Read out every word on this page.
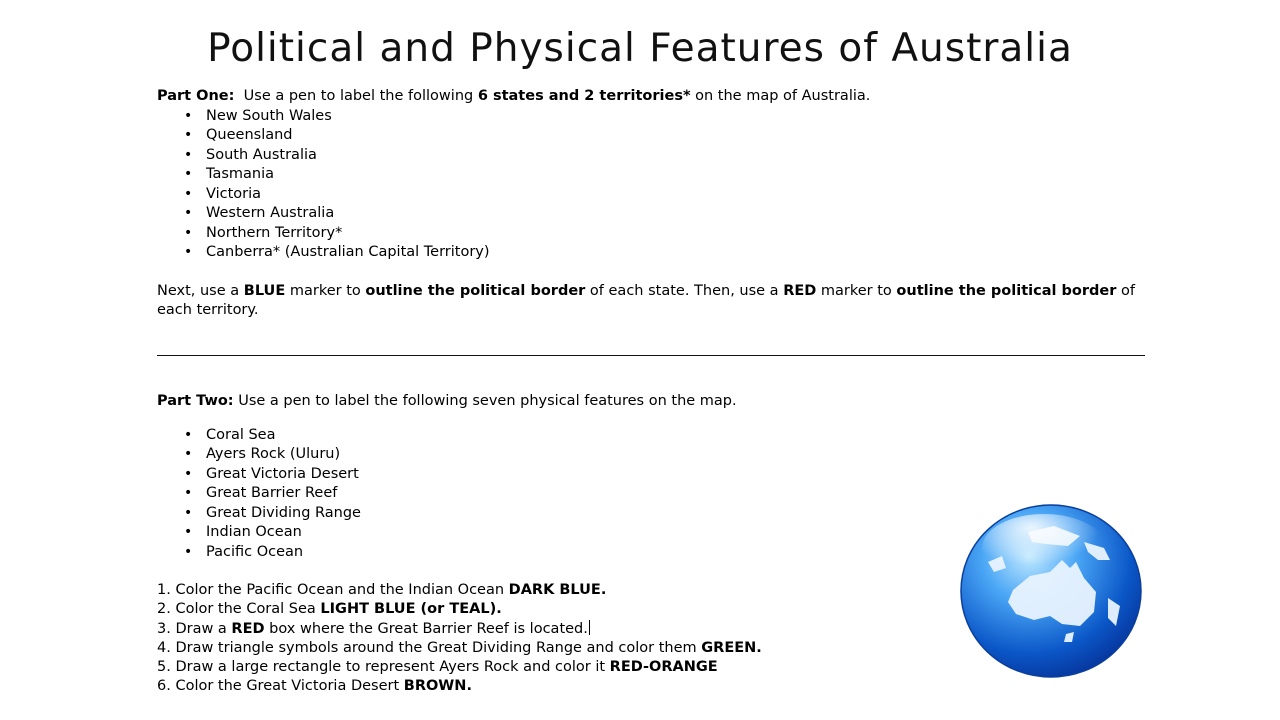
Political and Physical Features of Australia

Part One: Use a pen to label the following 6 states and 2 territories* on the map of Australia.

• New South Wales
• Queensland
• South Australia
• Tasmania
• Victoria
• Western Australia
• Northern Territory*
• Canberra* (Australian Capital Territory)

Next, use a BLUE marker to outline the political border of each state. Then, use a RED marker to outline the political border of each territory.

Part Two: Use a pen to label the following seven physical features on the map.

• Coral Sea
• Ayers Rock (Uluru)
• Great Victoria Desert
• Great Barrier Reef
• Great Dividing Range
• Indian Ocean
• Pacific Ocean
1. Color the Pacific Ocean and the Indian Ocean DARK BLUE.
2. Color the Coral Sea LIGHT BLUE (or TEAL).
3. Draw a RED box where the Great Barrier Reef is located.
4. Draw triangle symbols around the Great Dividing Range and color them GREEN.
5. Draw a large rectangle to represent Ayers Rock and color it RED-ORANGE
6. Color the Great Victoria Desert BROWN.
